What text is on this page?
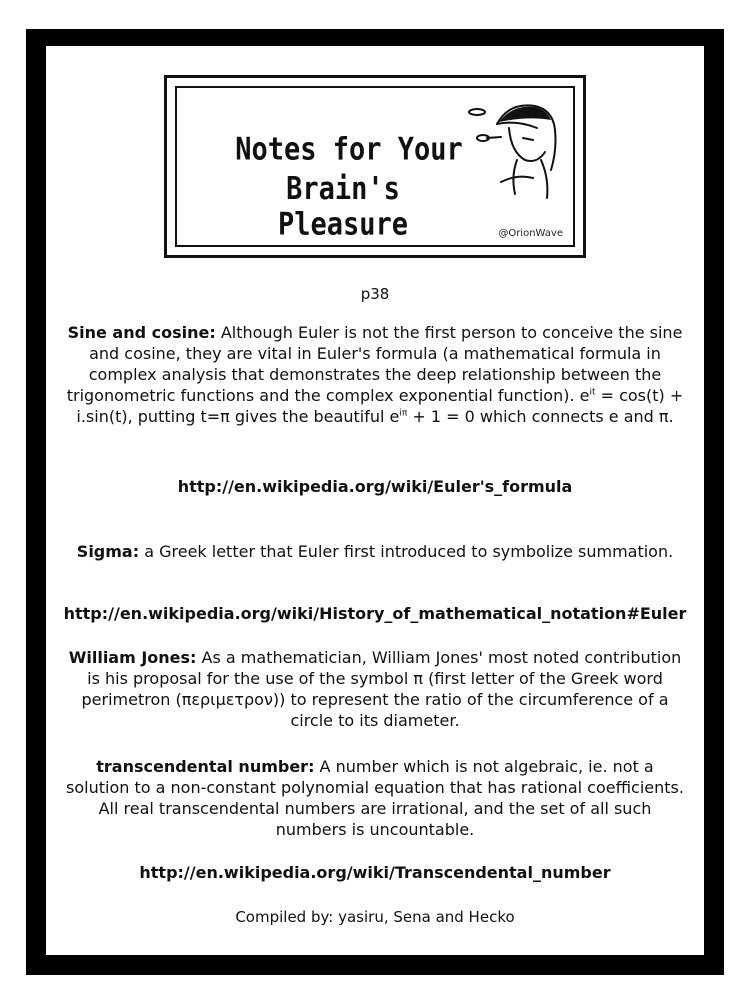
Notes for Your
Brain's Pleasure	@OrionWave
p38
Sine and cosine: Although Euler is not the first person to conceive the sine and cosine, they are vital in Euler's formula (a mathematical formula in complex analysis that demonstrates the deep relationship between the trigonometric functions and the complex exponential function). $e^{it} = \cos(t) + i.\sin(t)$, putting t=π gives the beautiful $e^{i\pi} + 1 = 0$ which connects e and π.
http://en.wikipedia.org/wiki/Euler's_formula
Sigma: a Greek letter that Euler first introduced to symbolize summation.
http://en.wikipedia.org/wiki/History_of_mathematical_notation#Euler
William Jones: As a mathematician, William Jones' most noted contribution is his proposal for the use of the symbol π (first letter of the Greek word perimetron (περιμετρον)) to represent the ratio of the circumference of a circle to its diameter.
transcendental number: A number which is not algebraic, ie. not a solution to a non-constant polynomial equation that has rational coefficients. All real transcendental numbers are irrational, and the set of all such numbers is uncountable.
http://en.wikipedia.org/wiki/Transcendental_number
Compiled by: yasiru, Sena and Hecko
